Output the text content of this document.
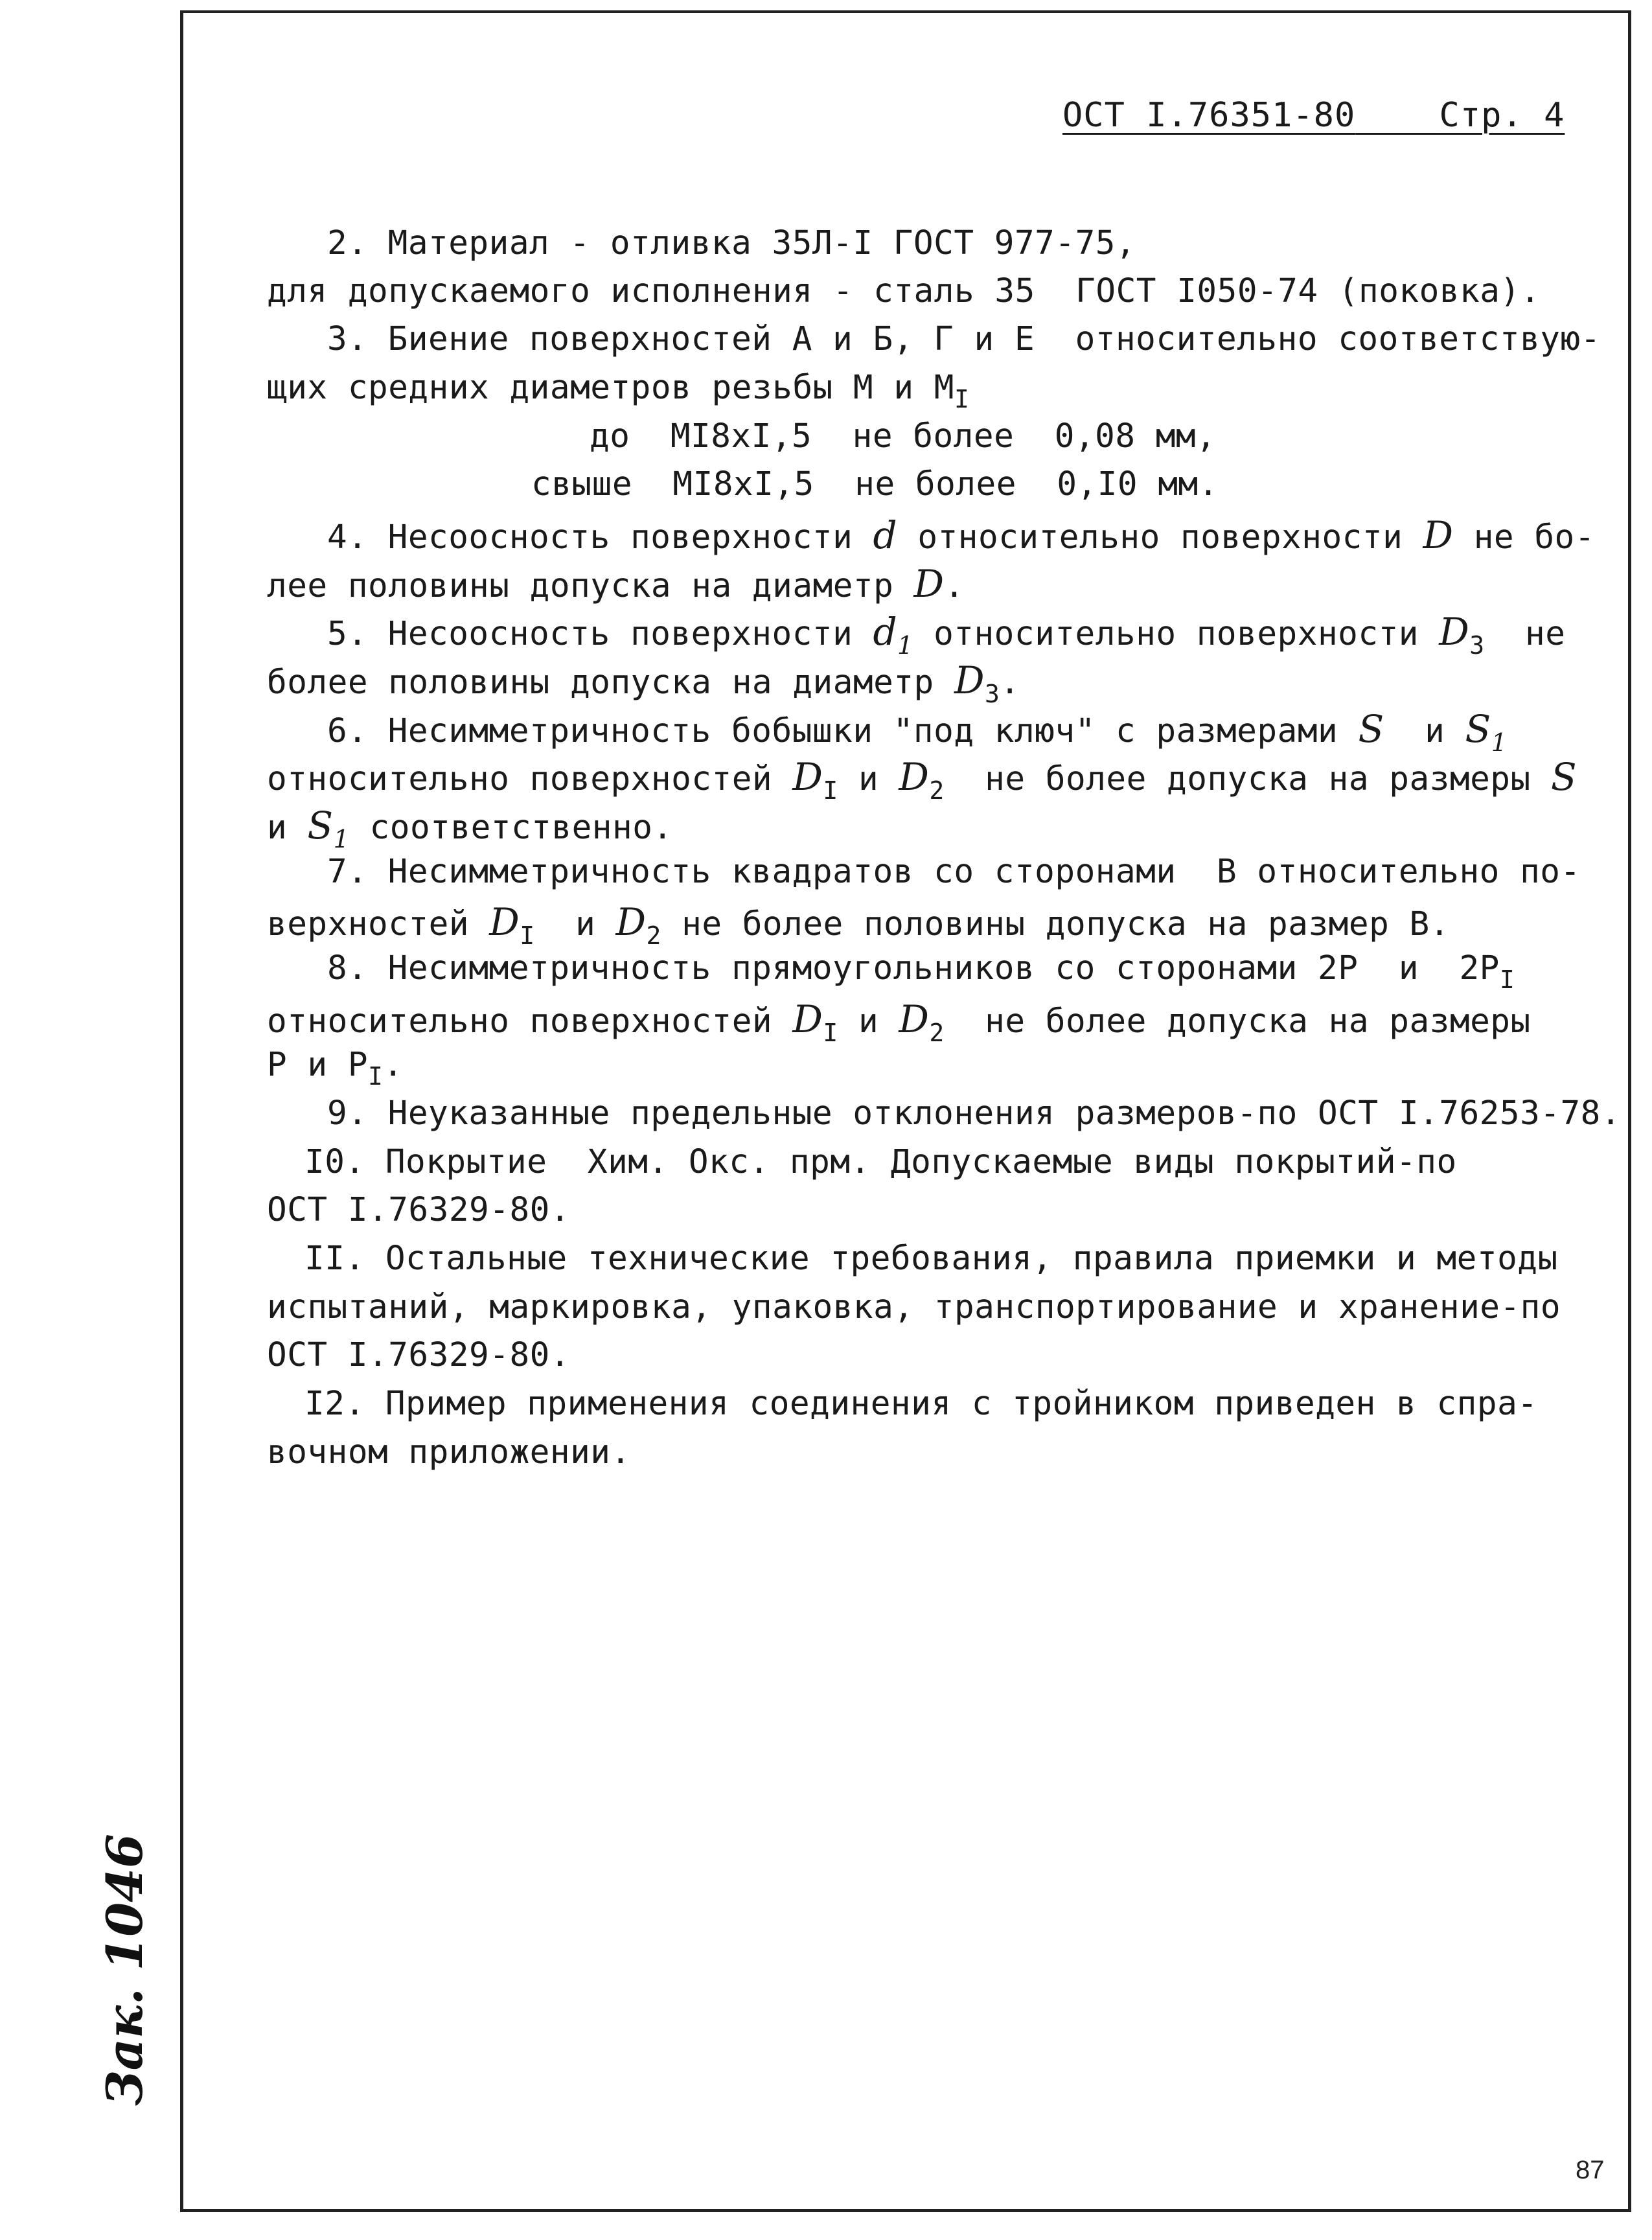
ОСТ I.76351-80 Стр. 4
2. Материал - отливка 35Л-I ГОСТ 977-75,
для допускаемого исполнения - сталь 35  ГОСТ I050-74 (поковка).
3. Биение поверхностей А и Б, Г и Е  относительно соответствую-
щих средних диаметров резьбы М и $М_I$
до  MI8xI,5  не более  0,08 мм,
свыше  MI8xI,5  не более  0,I0 мм.
4. Несоосность поверхности d относительно поверхности D не бо-
лее половины допуска на диаметр D.
5. Несоосность поверхности $d_1$ относительно поверхности $D_3$  не
более половины допуска на диаметр $D_3$.
6. Несимметричность бобышки "под ключ" с размерами S  и $S_1$
относительно поверхностей $D_I$ и $D_2$  не более допуска на размеры S
и $S_1$ соответственно.
7. Несимметричность квадратов со сторонами  В относительно по-
верхностей $D_I$  и $D_2$ не более половины допуска на размер В.
8. Несимметричность прямоугольников со сторонами 2Р  и  $2Р_I$
относительно поверхностей $D_I$ и $D_2$  не более допуска на размеры
Р и $Р_I$.
9. Неуказанные предельные отклонения размеров-по ОСТ I.76253-78.
I0. Покрытие  Хим. Окс. прм. Допускаемые виды покрытий-по
ОСТ I.76329-80.
II. Остальные технические требования, правила приемки и методы
испытаний, маркировка, упаковка, транспортирование и хранение-по
ОСТ I.76329-80.
I2. Пример применения соединения с тройником приведен в спра-
вочном приложении.
Зак. 1046
87
